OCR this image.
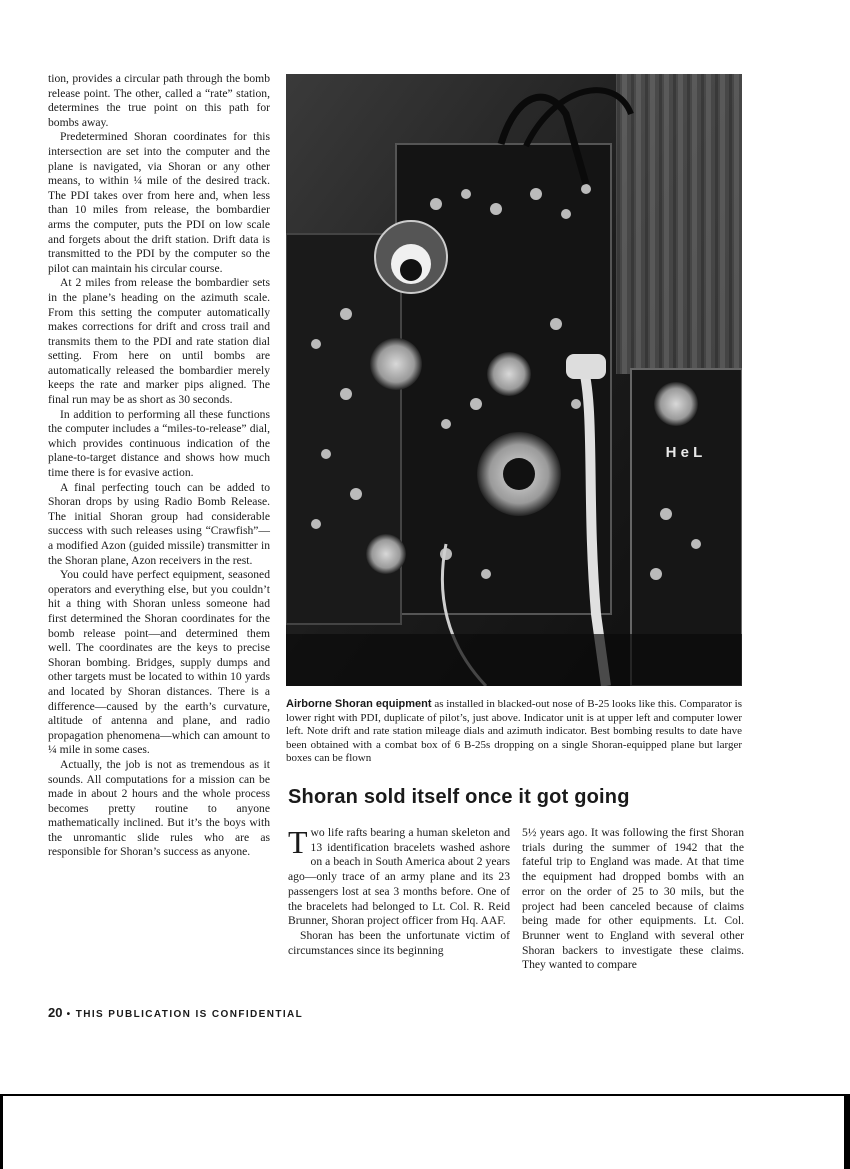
tion, provides a circular path through the bomb release point. The other, called a “rate” station, determines the true point on this path for bombs away.

Predetermined Shoran coordinates for this intersection are set into the computer and the plane is navigated, via Shoran or any other means, to within ¼ mile of the desired track. The PDI takes over from here and, when less than 10 miles from release, the bombardier arms the computer, puts the PDI on low scale and forgets about the drift station. Drift data is transmitted to the PDI by the computer so the pilot can maintain his circular course.

At 2 miles from release the bombardier sets in the plane’s heading on the azimuth scale. From this setting the computer automatically makes corrections for drift and cross trail and transmits them to the PDI and rate station dial setting. From here on until bombs are automatically released the bombardier merely keeps the rate and marker pips aligned. The final run may be as short as 30 seconds.

In addition to performing all these functions the computer includes a “miles-to-release” dial, which provides continuous indication of the plane-to-target distance and shows how much time there is for evasive action.

A final perfecting touch can be added to Shoran drops by using Radio Bomb Release. The initial Shoran group had considerable success with such releases using “Crawfish”—a modified Azon (guided missile) transmitter in the Shoran plane, Azon receivers in the rest.

You could have perfect equipment, seasoned operators and everything else, but you couldn’t hit a thing with Shoran unless someone had first determined the Shoran coordinates for the bomb release point—and determined them well. The coordinates are the keys to precise Shoran bombing. Bridges, supply dumps and other targets must be located to within 10 yards and located by Shoran distances. There is a difference—caused by the earth’s curvature, altitude of antenna and plane, and radio propagation phenomena—which can amount to ¼ mile in some cases.

Actually, the job is not as tremendous as it sounds. All computations for a mission can be made in about 2 hours and the whole process becomes pretty routine to anyone mathematically inclined. But it’s the boys with the unromantic slide rules who are as responsible for Shoran’s success as anyone.

H e L
Airborne Shoran equipment as installed in blacked-out nose of B-25 looks like this. Comparator is lower right with PDI, duplicate of pilot’s, just above. Indicator unit is at upper left and computer lower left. Note drift and rate station mileage dials and azimuth indicator. Best bombing results to date have been obtained with a combat box of 6 B-25s dropping on a single Shoran-equipped plane but larger boxes can be flown
Shoran sold itself once it got going

Two life rafts bearing a human skeleton and 13 identification bracelets washed ashore on a beach in South America about 2 years ago—only trace of an army plane and its 23 passengers lost at sea 3 months before. One of the bracelets had belonged to Lt. Col. R. Reid Brunner, Shoran project officer from Hq. AAF.

Shoran has been the unfortunate victim of circumstances since its beginning

5½ years ago. It was following the first Shoran trials during the summer of 1942 that the fateful trip to England was made. At that time the equipment had dropped bombs with an error on the order of 25 to 30 mils, but the project had been canceled because of claims being made for other equipments. Lt. Col. Brunner went to England with several other Shoran backers to investigate these claims. They wanted to compare

20 • THIS PUBLICATION IS CONFIDENTIAL
